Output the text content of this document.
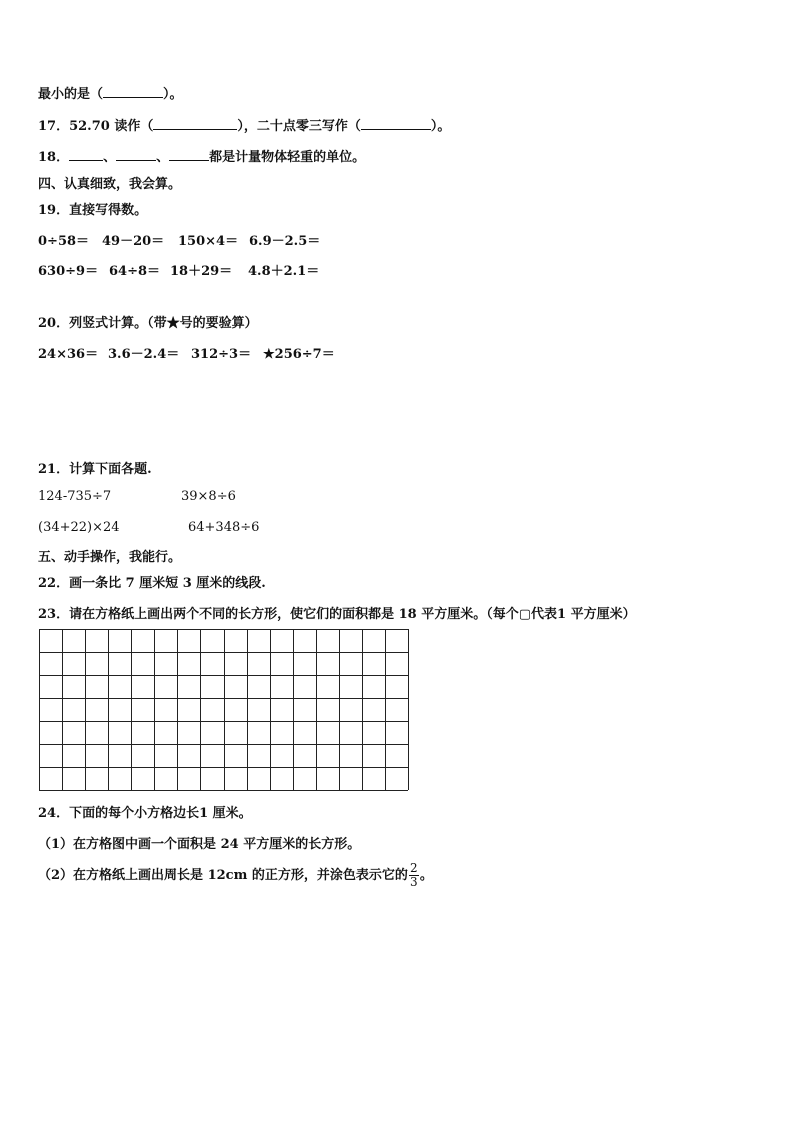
最小的是（	）。
17．52.70 读作（	），二十点零三写作（	）。
18．	、	、	都是计量物体轻重的单位。
四、认真细致，我会算。
19．直接写得数。
0÷58＝ 49－20＝ 150×4＝ 6.9－2.5＝
630÷9＝ 64÷8＝ 18＋29＝ 4.8＋2.1＝
20．列竖式计算。（带★号的要验算）
24×36＝ 3.6－2.4＝ 312÷3＝ ★256÷7＝
21．计算下面各题.
124-735÷7	39×8÷6
(34+22)×24	64+348÷6
五、动手操作，我能行。
22．画一条比 7 厘米短 3 厘米的线段.
23．请在方格纸上画出两个不同的长方形，使它们的面积都是 18 平方厘米。（每个▢代表1 平方厘米）
24．下面的每个小方格边长1 厘米。
（1）在方格图中画一个面积是 24 平方厘米的长方形。
（2）在方格纸上画出周长是 12cm 的正方形，并涂色表示它的 $\frac{2}{3}$ 。
